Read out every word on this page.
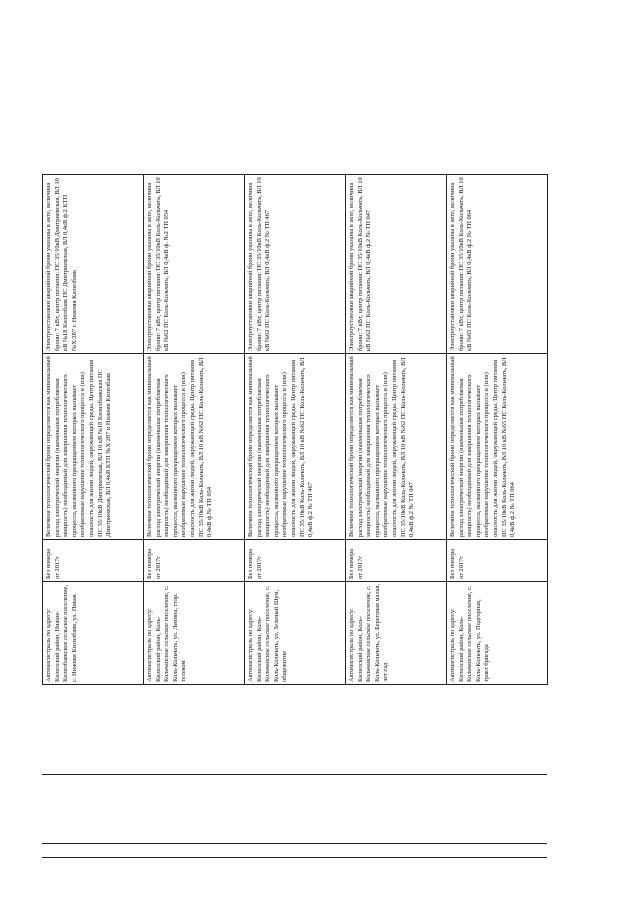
Автомагистраль по адресу: Кизилский район, Нижне-Кизилбаякское сельское поселение, с. Нижняя Кизилбаяк, ул. Пикак	Без номера от 2017г	Величина технологической брони определяется как минимальный расход электрической энергии (наименьшая потребляемая мощность) необходимый для завершения технологического процесса, вызванного прекращением которых вызывает необратимые нарушение технологического процесса и (или) опасность для жизни людей, окружающей среды. Центр питания ПС 35/10кВ Дмитриевская, ВЛ 10 кВ №18 Кизилбаякская ПС Дмитриевская, ВЛ 0,4кВ КТП №X/287 и Нижняя Кизилбаяк	Электроустановки аварийной брони указаны в акте, величина брони: 7 кВт, центр питания: ПС 35/10кВ Дмитриевская, ВЛ 10 кВ №18 Кизилбаяк ПС Дмитриевская, ВЛ 0,4кВ ф.2 КТП №X/287 г. Нижняя Кизилбаяк
Автомагистраль по адресу: Кизилский район, Коль-Кольчанское сельское поселение, с. Коль-Кольчать, ул. Ленина, стар. телеком	Без номера от 2017г	Величина технологической брони определяется как минимальный расход электрической энергии (наименьшая потребляемая мощность) необходимый для завершения технологического процесса, вызванного прекращением которых вызывает необратимые нарушение технологического процесса и (или) опасность для жизни людей, окружающей среды. Центр питания ПС 35/10кВ Коль-Кольчать, ВЛ 10 кВ №62 ПС Коль-Кольчать, ВЛ 0,4кВ ф.№ ТП 054	Электроустановки аварийной брони указаны в акте, величина брони: 7 кВт, центр питания: ПС 35/10кВ Коль-Кольчать, ВЛ 10 кВ №62 ПС Коль-Кольчать, ВЛ 0,4кВ ф. №2 ТП 054
Автомагистраль по адресу: Кизилский район, Коль-Кольчанское сельское поселение, с. Коль-Кольчать, ул. Зеленый Шум, общежитие	Без номера от 2017г	Величина технологической брони определяется как минимальный расход электрической энергии (наименьшая потребляемая мощность) необходимый для завершения технологического процесса, вызванного прекращением которых вызывает необратимые нарушение технологического процесса и (или) опасность для жизни людей, окружающей среды. Центр питания ПС 35/10кВ Коль-Кольчать, ВЛ 10 кВ №62 ПС Коль-Кольчать, ВЛ 0,4кВ ф.2 № ТП 467	Электроустановки аварийной брони указаны в акте, величина брони: 7 кВт, центр питания: ПС 35/10кВ Коль-Кольчать, ВЛ 10 кВ №62 ПС Коль-Кольчать, ВЛ 0,4кВ ф.2 № ТП 467
Автомагистраль по адресу: Кизилский район, Коль-Кольчанское сельское поселение, с. Коль-Кольчать, ул. Береговая малая, лет сад	Без номера от 2017г	Величина технологической брони определяется как минимальный расход электрической энергии (наименьшая потребляемая мощность) необходимый для завершения технологического процесса, вызванного прекращением которых вызывает необратимые нарушение технологического процесса и (или) опасность для жизни людей, окружающей среды. Центр питания ПС 35/10кВ Коль-Кольчать, ВЛ 10 кВ №62 ПС Коль-Кольчать, ВЛ 0,4кВ ф.2 № ТП 047	Электроустановки аварийной брони указаны в акте, величина брони: 7 кВт, центр питания: ПС 35/10кВ Коль-Кольчать, ВЛ 10 кВ №62 ПС Коль-Кольчать, ВЛ 0,4кВ ф.2 № ТП 047
Автомагистраль по адресу: Кизилский район, Коль-Кольчанское сельское поселение, с. Коль-Кольчать, ул. Подгорная, тракт бригада	Без номера от 2017г	Величина технологической брони определяется как минимальный расход электрической энергии (наименьшая потребляемая мощность) необходимый для завершения технологического процесса, вызванного прекращением которых вызывает необратимые нарушение технологического процесса и (или) опасность для жизни людей, окружающей среды. Центр питания ПС 35/10кВ Коль-Кольчать, ВЛ 10 кВ №65 ПС Коль-Кольчать, ВЛ 0,4кВ ф.2 № ТП 064	Электроустановки аварийной брони указаны в акте, величина брони: 7 кВт, центр питания: ПС 35/10кВ Коль-Кольчать, ВЛ 10 кВ №65 ПС Коль-Кольчать, ВЛ 0,4кВ ф.2 № ТП 064
